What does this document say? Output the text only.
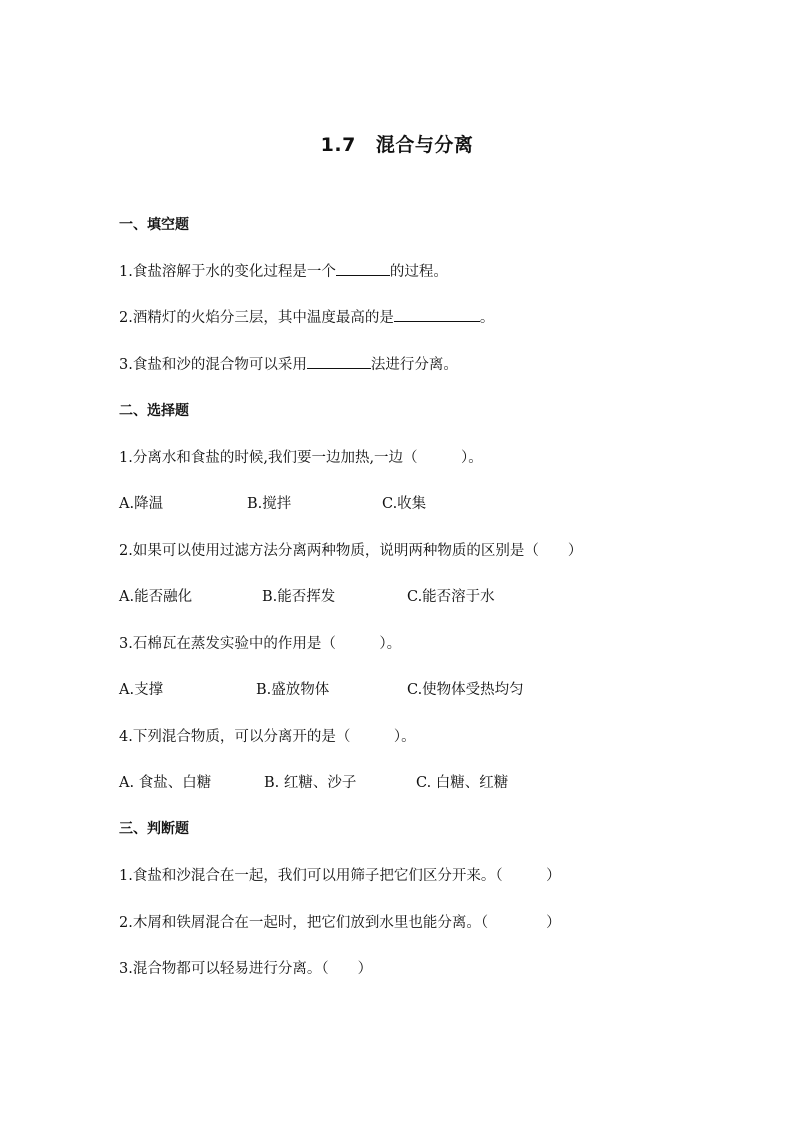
1.7 混合与分离
一、填空题
1.食盐溶解于水的变化过程是一个	的过程。
2.酒精灯的火焰分三层，其中温度最高的是	。
3.食盐和沙的混合物可以采用	法进行分离。
二、选择题
1.分离水和食盐的时候,我们要一边加热,一边（　　　）。
A.降温	B.搅拌	C.收集
2.如果可以使用过滤方法分离两种物质，说明两种物质的区别是（　　）
A.能否融化	B.能否挥发	C.能否溶于水
3.石棉瓦在蒸发实验中的作用是（　　　）。
A.支撑	B.盛放物体	C.使物体受热均匀
4.下列混合物质，可以分离开的是（　　　）。
A. 食盐、白糖	B. 红糖、沙子	C. 白糖、红糖
三、判断题
1.食盐和沙混合在一起，我们可以用筛子把它们区分开来。（　　　）
2.木屑和铁屑混合在一起时，把它们放到水里也能分离。（　　　　）
3.混合物都可以轻易进行分离。（　　）
